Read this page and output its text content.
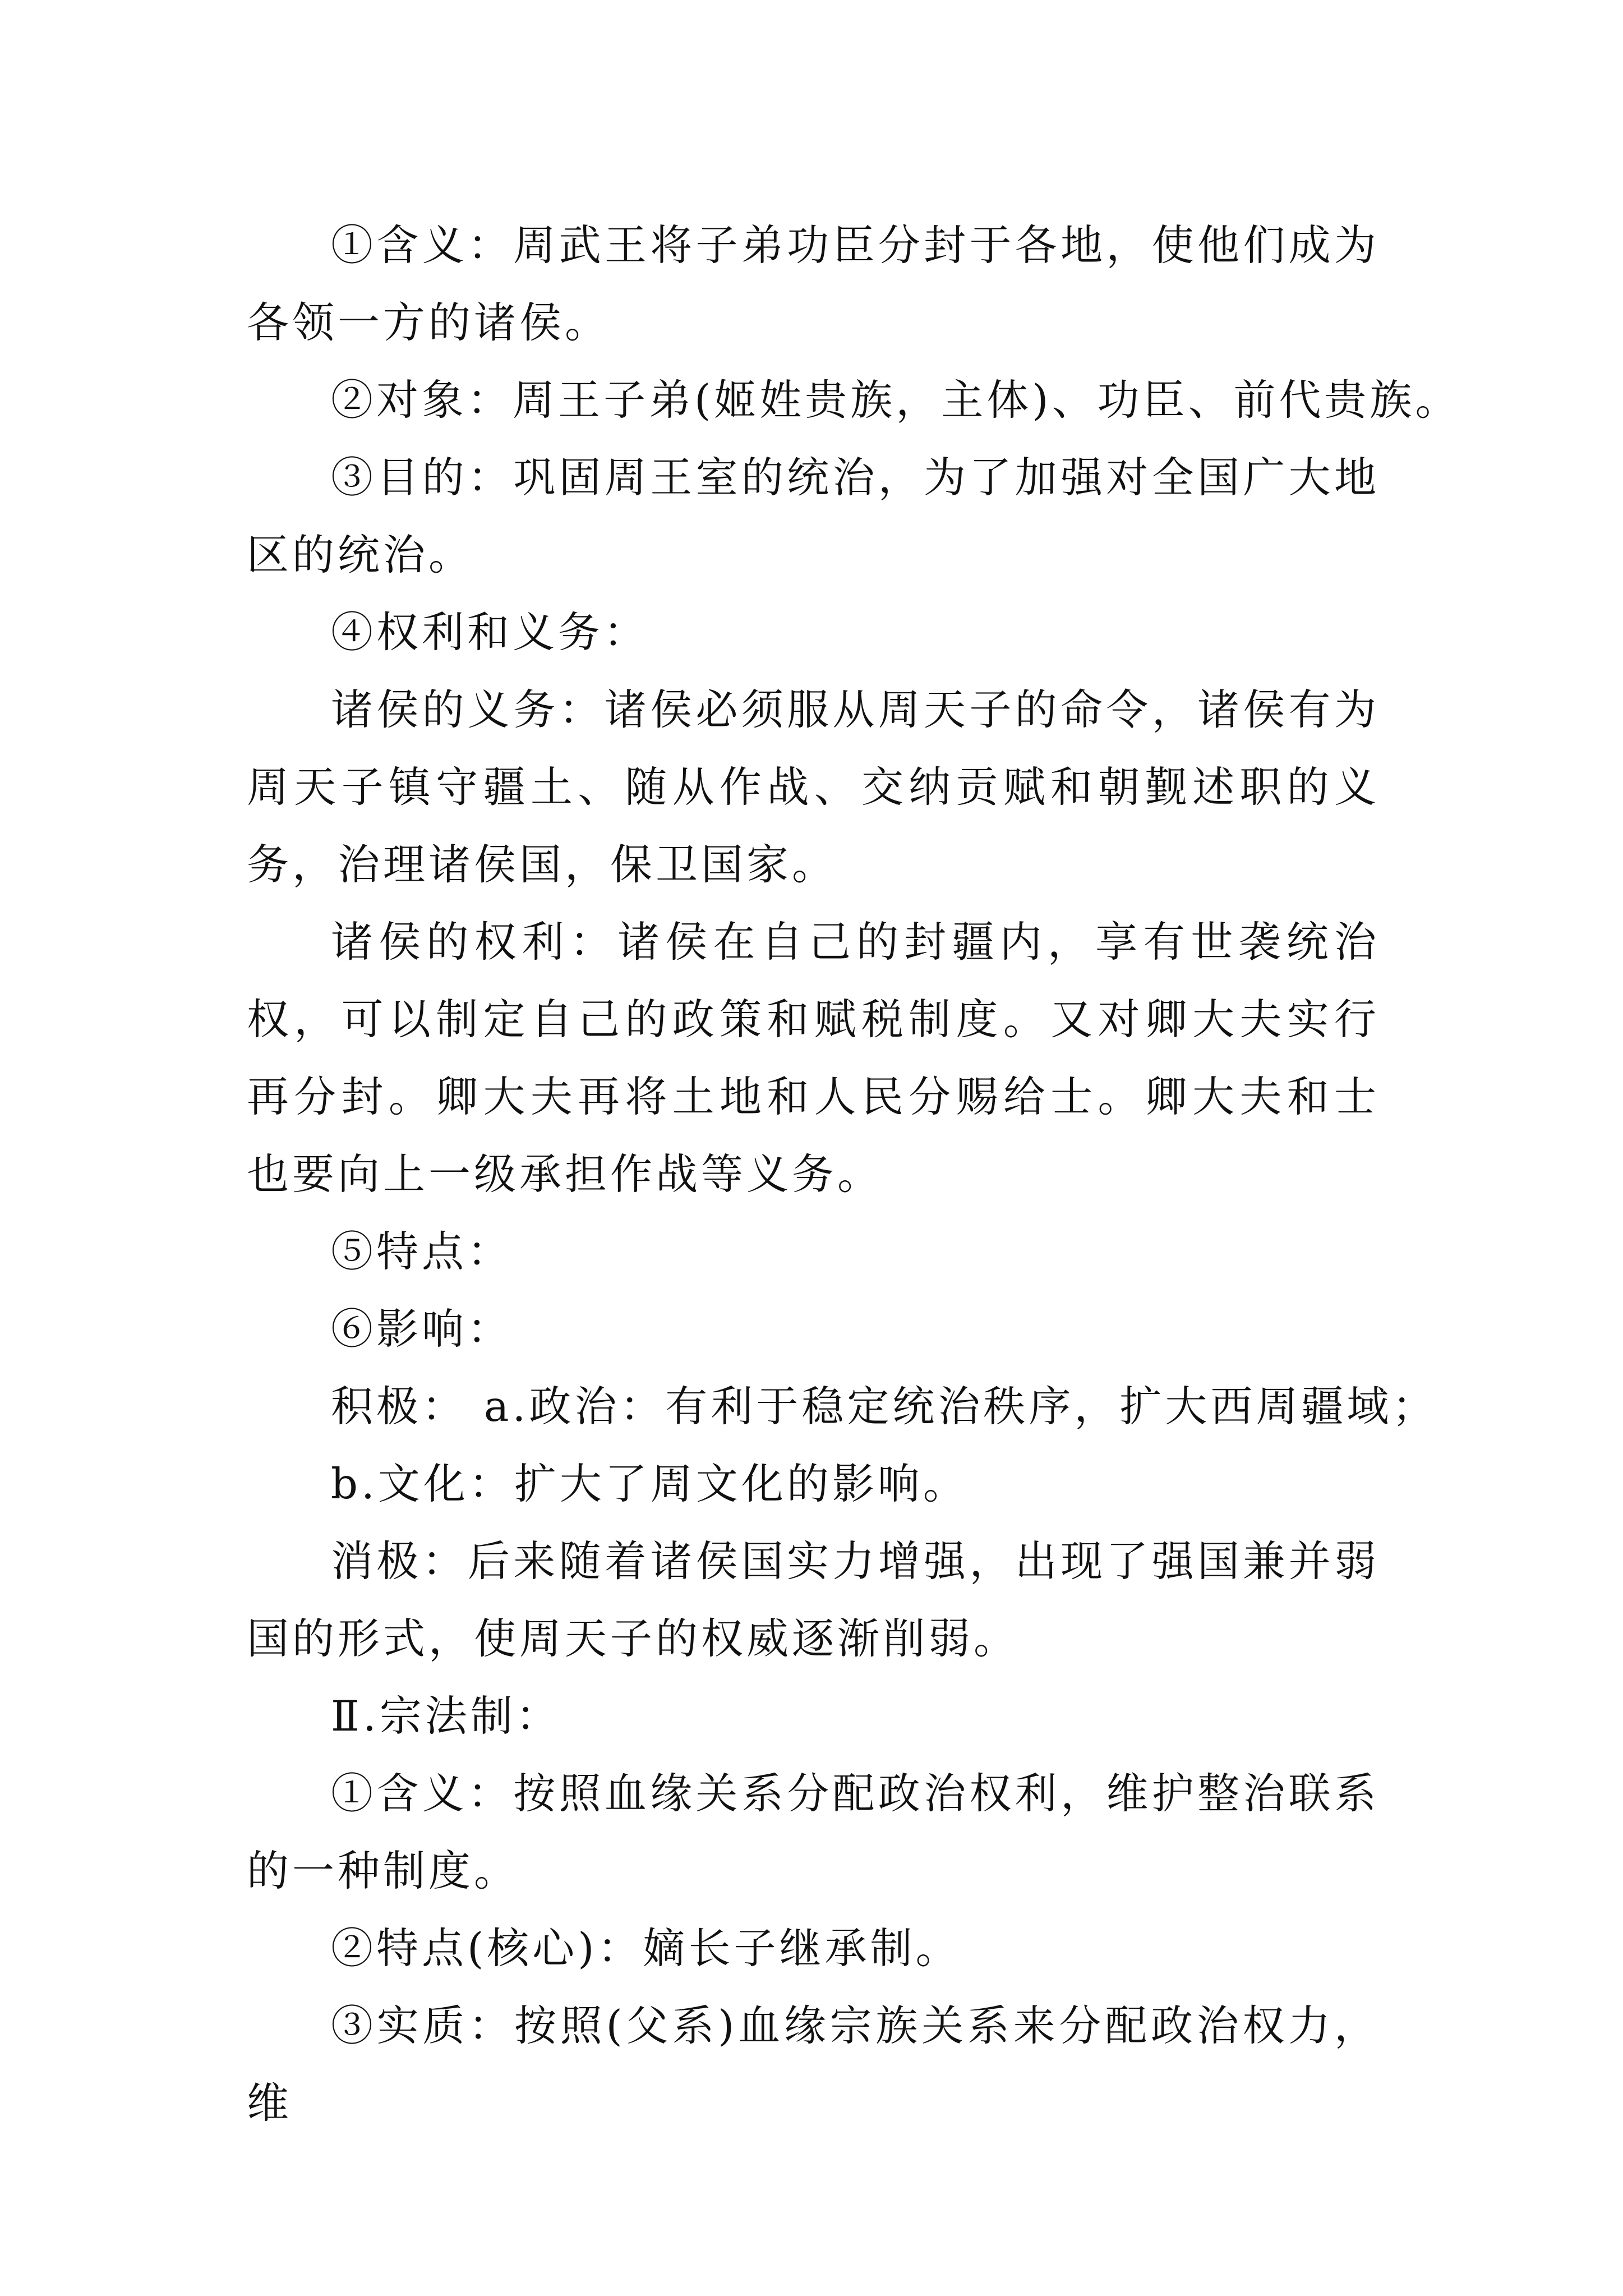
①含义：周武王将子弟功臣分封于各地，使他们成为各领一方的诸侯。

②对象：周王子弟(姬姓贵族，主体)、功臣、前代贵族。

③目的：巩固周王室的统治，为了加强对全国广大地区的统治。

④权利和义务：

诸侯的义务：诸侯必须服从周天子的命令，诸侯有为周天子镇守疆土、随从作战、交纳贡赋和朝觐述职的义务，治理诸侯国，保卫国家。

诸侯的权利：诸侯在自己的封疆内，享有世袭统治权，可以制定自己的政策和赋税制度。又对卿大夫实行再分封。卿大夫再将土地和人民分赐给士。卿大夫和士也要向上一级承担作战等义务。

⑤特点：

⑥影响：

积极： a.政治：有利于稳定统治秩序，扩大西周疆域；

b.文化：扩大了周文化的影响。

消极：后来随着诸侯国实力增强，出现了强国兼并弱国的形式，使周天子的权威逐渐削弱。

Ⅱ.宗法制：

①含义：按照血缘关系分配政治权利，维护整治联系的一种制度。

②特点(核心)：嫡长子继承制。

③实质：按照(父系)血缘宗族关系来分配政治权力，维
